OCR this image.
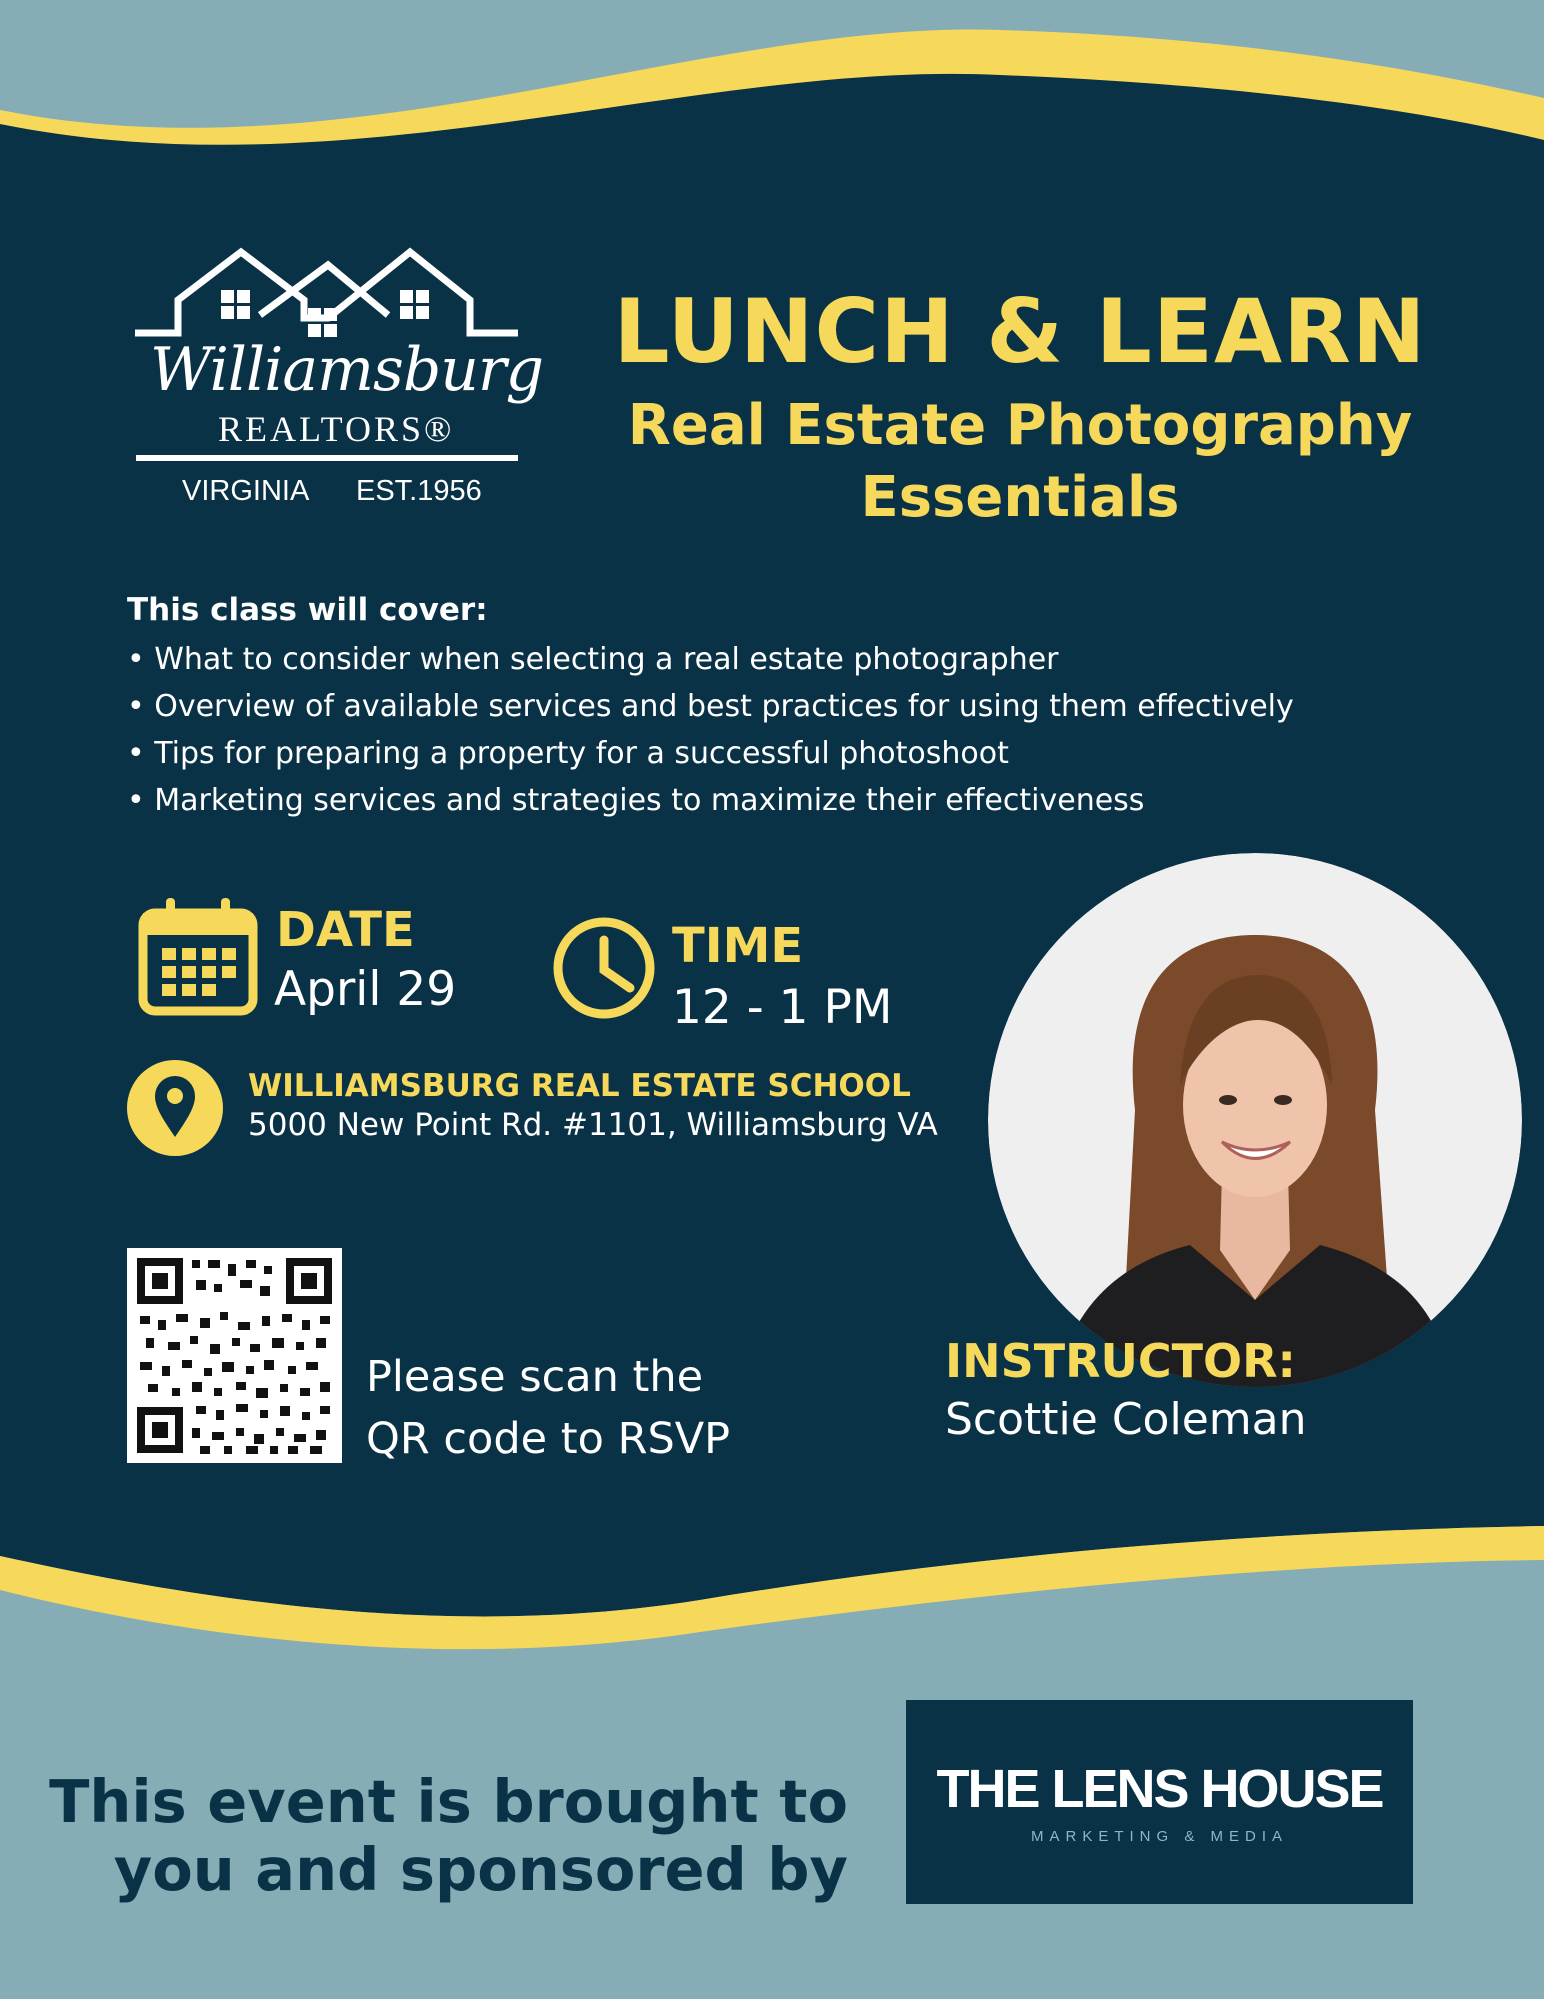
Williamsburg
REALTORS®
VIRGINIA EST.1956
LUNCH & LEARN
Real Estate Photography
Essentials
This class will cover:
• What to consider when selecting a real estate photographer
• Overview of available services and best practices for using them effectively
• Tips for preparing a property for a successful photoshoot
• Marketing services and strategies to maximize their effectiveness
DATE
April 29
TIME
12 - 1 PM
WILLIAMSBURG REAL ESTATE SCHOOL
5000 New Point Rd. #1101, Williamsburg VA
Please scan the
QR code to RSVP
INSTRUCTOR:
Scottie Coleman
This event is brought to
you and sponsored by
THE LENS HOUSE
MARKETING & MEDIA
